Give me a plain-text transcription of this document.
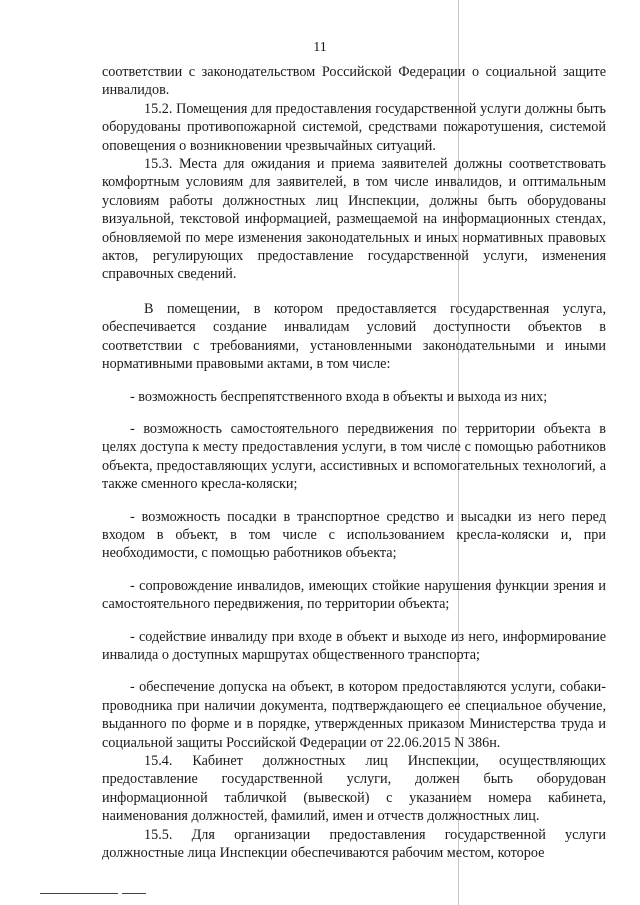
11

соответствии с законодательством Российской Федерации о социальной защите инвалидов.

15.2. Помещения для предоставления государственной услуги должны быть оборудованы противопожарной системой, средствами пожаротушения, системой оповещения о возникновении чрезвычайных ситуаций.

15.3. Места для ожидания и приема заявителей должны соответствовать комфортным условиям для заявителей, в том числе инвалидов, и оптимальным условиям работы должностных лиц Инспекции, должны быть оборудованы визуальной, текстовой информацией, размещаемой на информационных стендах, обновляемой по мере изменения законодательных и иных нормативных правовых актов, регулирующих предоставление государственной услуги, изменения справочных сведений.

В помещении, в котором предоставляется государственная услуга, обеспечивается создание инвалидам условий доступности объектов в соответствии с требованиями, установленными законодательными и иными нормативными правовыми актами, в том числе:

- возможность беспрепятственного входа в объекты и выхода из них;

- возможность самостоятельного передвижения по территории объекта в целях доступа к месту предоставления услуги, в том числе с помощью работников объекта, предоставляющих услуги, ассистивных и вспомогательных технологий, а также сменного кресла-коляски;

- возможность посадки в транспортное средство и высадки из него перед входом в объект, в том числе с использованием кресла-коляски и, при необходимости, с помощью работников объекта;

- сопровождение инвалидов, имеющих стойкие нарушения функции зрения и самостоятельного передвижения, по территории объекта;

- содействие инвалиду при входе в объект и выходе из него, информирование инвалида о доступных маршрутах общественного транспорта;

- обеспечение допуска на объект, в котором предоставляются услуги, собаки-проводника при наличии документа, подтверждающего ее специальное обучение, выданного по форме и в порядке, утвержденных приказом Министерства труда и социальной защиты Российской Федерации от 22.06.2015 N 386н.

15.4. Кабинет должностных лиц Инспекции, осуществляющих предоставление государственной услуги, должен быть оборудован информационной табличкой (вывеской) с указанием номера кабинета, наименования должностей, фамилий, имен и отчеств должностных лиц.

15.5. Для организации предоставления государственной услуги должностные лица Инспекции обеспечиваются рабочим местом, которое
